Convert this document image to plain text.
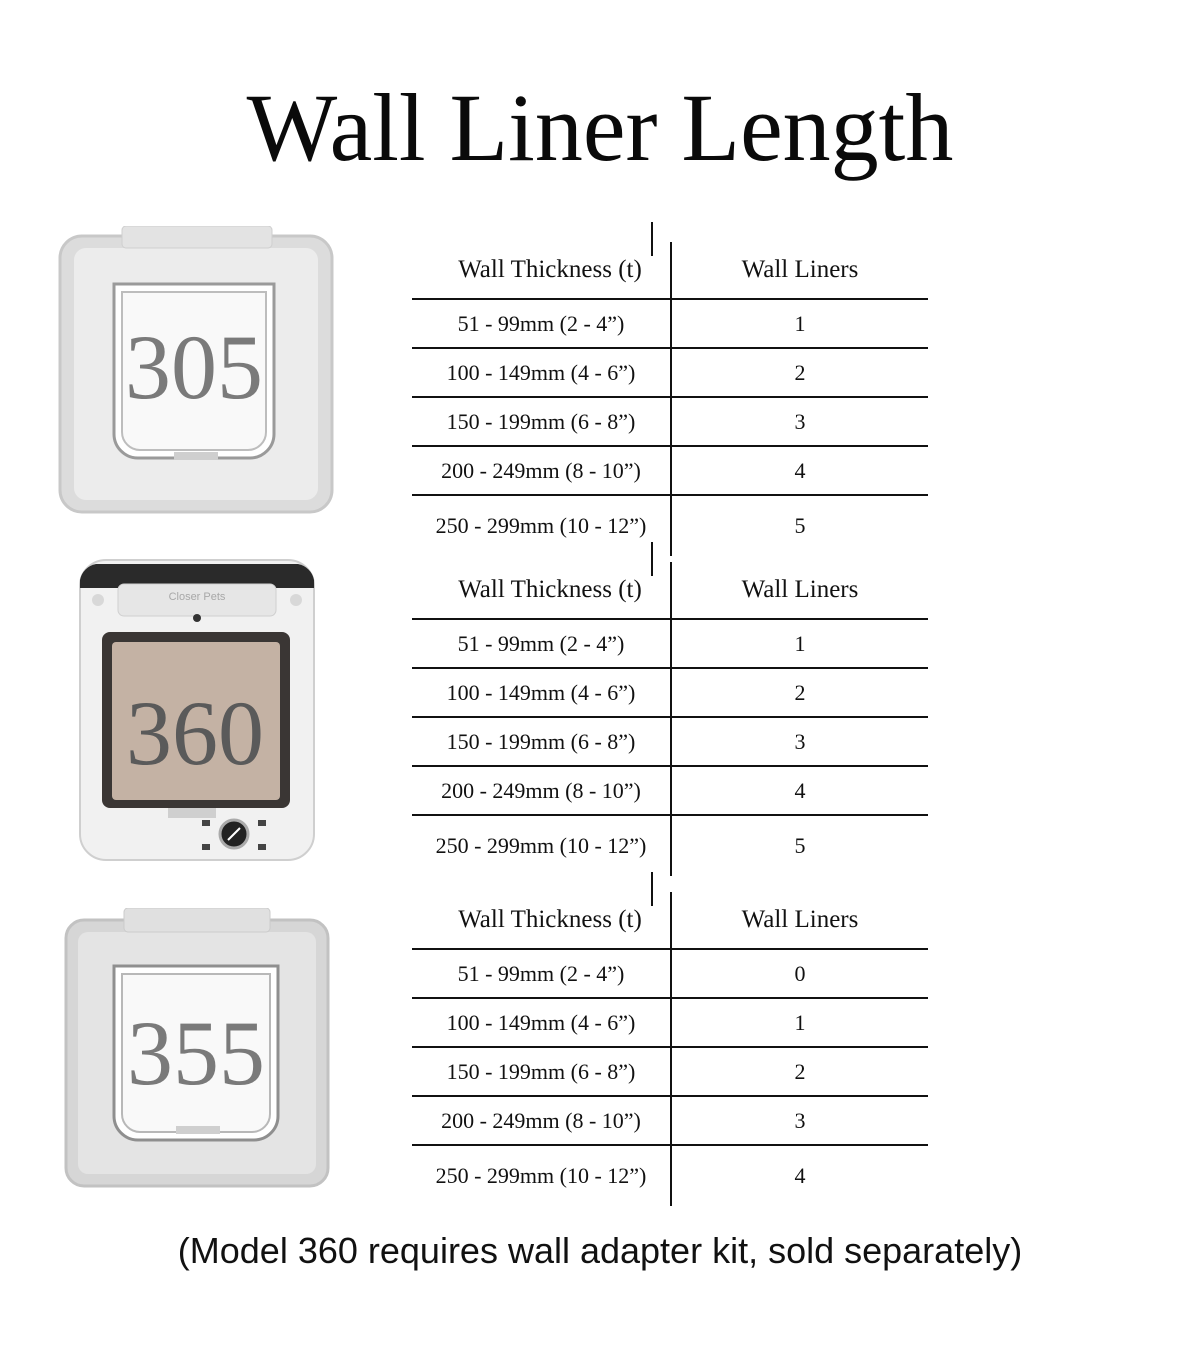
Wall Liner Length
305
Wall Thickness (t)	Wall Liners
51 - 99mm (2 - 4”)	1
100 - 149mm (4 - 6”)	2
150 - 199mm (6 - 8”)	3
200 - 249mm (8 - 10”)	4
250 - 299mm (10 - 12”)	5
Closer Pets
360
Wall Thickness (t)	Wall Liners
51 - 99mm (2 - 4”)	1
100 - 149mm (4 - 6”)	2
150 - 199mm (6 - 8”)	3
200 - 249mm (8 - 10”)	4
250 - 299mm (10 - 12”)	5
355
Wall Thickness (t)	Wall Liners
51 - 99mm (2 - 4”)	0
100 - 149mm (4 - 6”)	1
150 - 199mm (6 - 8”)	2
200 - 249mm (8 - 10”)	3
250 - 299mm (10 - 12”)	4
(Model 360 requires wall adapter kit, sold separately)
